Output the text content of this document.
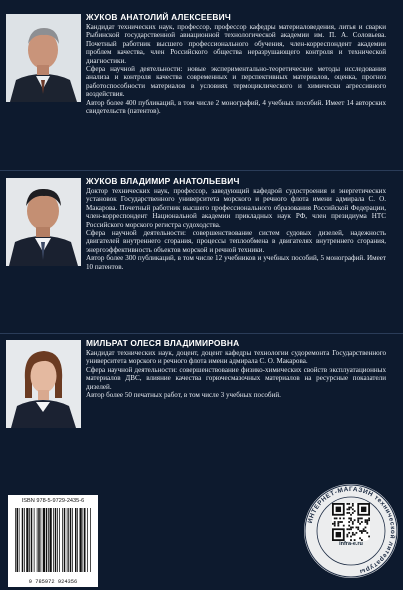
ЖУКОВ АНАТОЛИЙ АЛЕКСЕЕВИЧ

Кандидат технических наук, профессор, профессор кафедры материаловедения, литья и сварки Рыбинской государственной авиационной технологической академии им. П. А. Соловьева. Почетный работник высшего профессионального обучения, член-корреспондент академии проблем качества, член Российского общества неразрушающего контроля и технической диагностики.

Сфера научной деятельности: новые экспериментально-теоретические методы исследования анализа и контроля качества современных и перспективных материалов, оценка, прогноз работоспособности материалов в условиях термоциклического и химически агрессивного воздействия.

Автор более 400 публикаций, в том числе 2 монографий, 4 учебных пособий. Имеет 14 авторских свидетельств (патентов).

ЖУКОВ ВЛАДИМИР АНАТОЛЬЕВИЧ

Доктор технических наук, профессор, заведующий кафедрой судостроения и энергетических установок Государственного университета морского и речного флота имени адмирала С. О. Макарова. Почетный работник высшего профессионального образования Российской Федерации, член-корреспондент Национальной академии прикладных наук РФ, член президиума НТС Российского морского регистра судоходства.

Сфера научной деятельности: совершенствование систем судовых дизелей, надежность двигателей внутреннего сгорания, процессы теплообмена в двигателях внутреннего сгорания, энергоэффективность объектов морской и речной техники.

Автор более 300 публикаций, в том числе 12 учебников и учебных пособий, 5 монографий. Имеет 10 патентов.

МИЛЬРАТ ОЛЕСЯ ВЛАДИМИРОВНА

Кандидат технических наук, доцент, доцент кафедры технологии судоремонта Государственного университета морского и речного флота имени адмирала С. О. Макарова.

Сфера научной деятельности: совершенствование физико-химических свойств эксплуатационных материалов ДВС, влияние качества горючесмазочных материалов на ресурсные показатели дизелей.

Автор более 50 печатных работ, в том числе 3 учебных пособий.

ISBN 978-5-9729-2435-6
9 785972 924356
ИНТЕРНЕТ-МАГАЗИН технической литературы
infra-e.ru
